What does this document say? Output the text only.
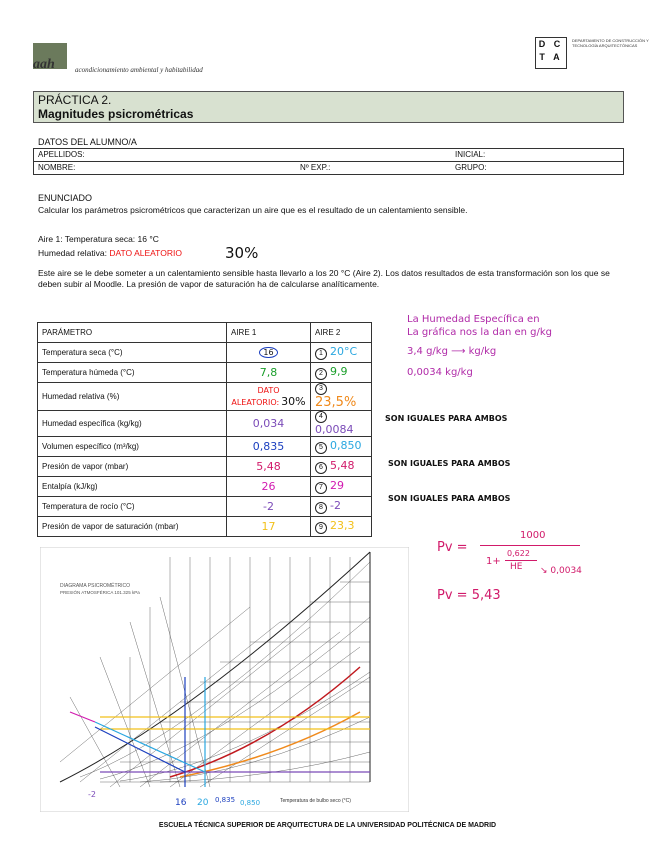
aah	acondicionamiento ambiental y habitabilidad
D C
T A
DEPARTAMENTO DE CONSTRUCCIÓN Y TECNOLOGÍA ARQUITECTÓNICAS
PRÁCTICA 2.
Magnitudes psicrométricas
DATOS DEL ALUMNO/A
APELLIDOS:	INICIAL:
NOMBRE:	Nº EXP.:	GRUPO:
ENUNCIADO
Calcular los parámetros psicrométricos que caracterizan un aire que es el resultado de un calentamiento sensible.
Aire 1: Temperatura seca: 16 °C
Humedad relativa: DATO ALEATORIO	30%
Este aire se le debe someter a un calentamiento sensible hasta llevarlo a los 20 °C (Aire 2). Los datos resultados de esta transformación son los que se deben subir al Moodle. La presión de vapor de saturación ha de calcularse analíticamente.
PARÁMETRO	AIRE 1	AIRE 2
Temperatura seca (°C)	16	1 20°C
Temperatura húmeda (°C)	7,8	2 9,9
Humedad relativa (%)	DATO ALEATORIO: 30%	323,5%
Humedad específica (kg/kg)	0,034	40,0084
Volumen específico (m³/kg)	0,835	5 0,850
Presión de vapor (mbar)	5,48	6 5,48
Entalpía (kJ/kg)	26	7 29
Temperatura de rocío (°C)	-2	8 -2
Presión de vapor de saturación (mbar)	17	9 23,3
La Humedad Específica en
La gráfica nos la dan en g/kg
3,4 g/kg ⟶ kg/kg
0,0034 kg/kg
SON IGUALES PARA AMBOS
SON IGUALES PARA AMBOS
SON IGUALES PARA AMBOS
Pv =
1000
1+
0,622
HE ↘ 0,0034
Pv = 5,43
DIAGRAMA PSICROMÉTRICO
PRESIÓN ATMOSFÉRICA 101.325 kPa
Temperatura de bulbo seco (°C)
16 20 0,835 0,850
-2
ESCUELA TÉCNICA SUPERIOR DE ARQUITECTURA DE LA UNIVERSIDAD POLITÉCNICA DE MADRID
